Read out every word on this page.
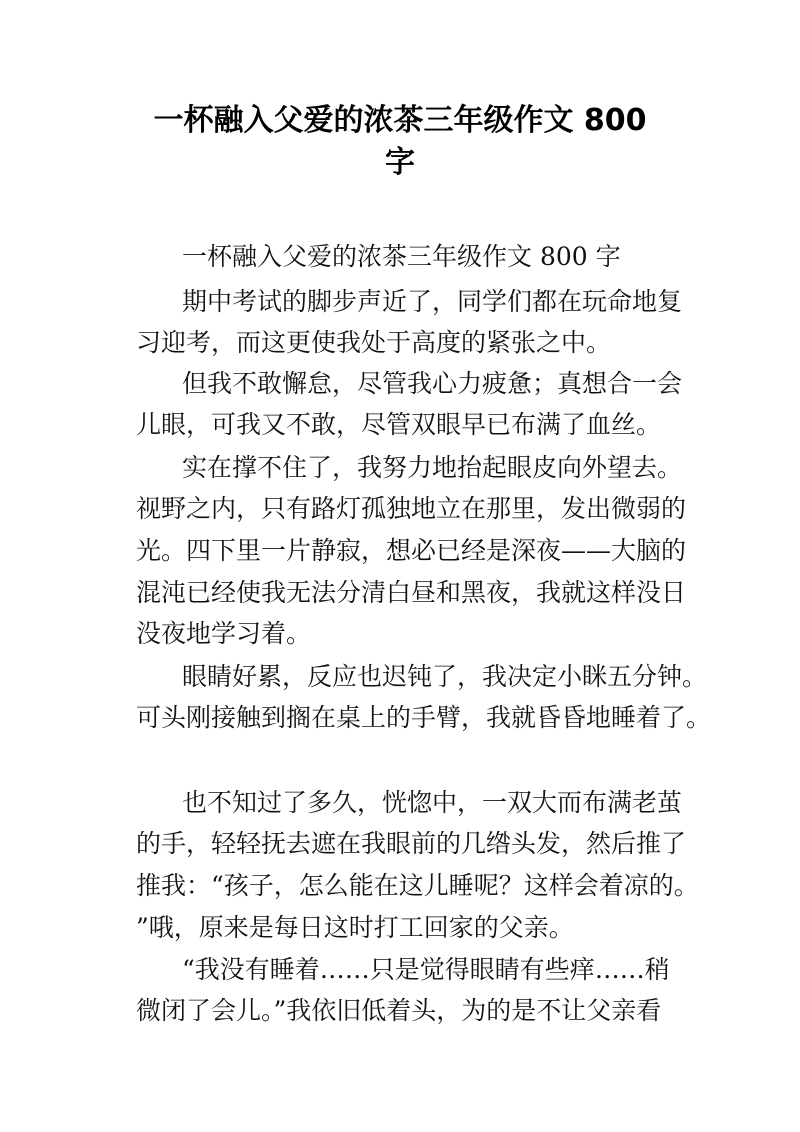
一杯融入父爱的浓茶三年级作文 800
字
一杯融入父爱的浓茶三年级作文 800 字
期中考试的脚步声近了，同学们都在玩命地复
习迎考，而这更使我处于高度的紧张之中。
但我不敢懈怠，尽管我心力疲惫；真想合一会
儿眼，可我又不敢，尽管双眼早已布满了血丝。
实在撑不住了，我努力地抬起眼皮向外望去。
视野之内，只有路灯孤独地立在那里，发出微弱的
光。四下里一片静寂，想必已经是深夜——大脑的
混沌已经使我无法分清白昼和黑夜，我就这样没日
没夜地学习着。
眼睛好累，反应也迟钝了，我决定小眯五分钟。
可头刚接触到搁在桌上的手臂，我就昏昏地睡着了。
也不知过了多久，恍惚中，一双大而布满老茧
的手，轻轻抚去遮在我眼前的几绺头发，然后推了
推我：“孩子，怎么能在这儿睡呢？这样会着凉的。
”哦，原来是每日这时打工回家的父亲。
“我没有睡着……只是觉得眼睛有些痒……稍
微闭了会儿。”我依旧低着头，为的是不让父亲看
